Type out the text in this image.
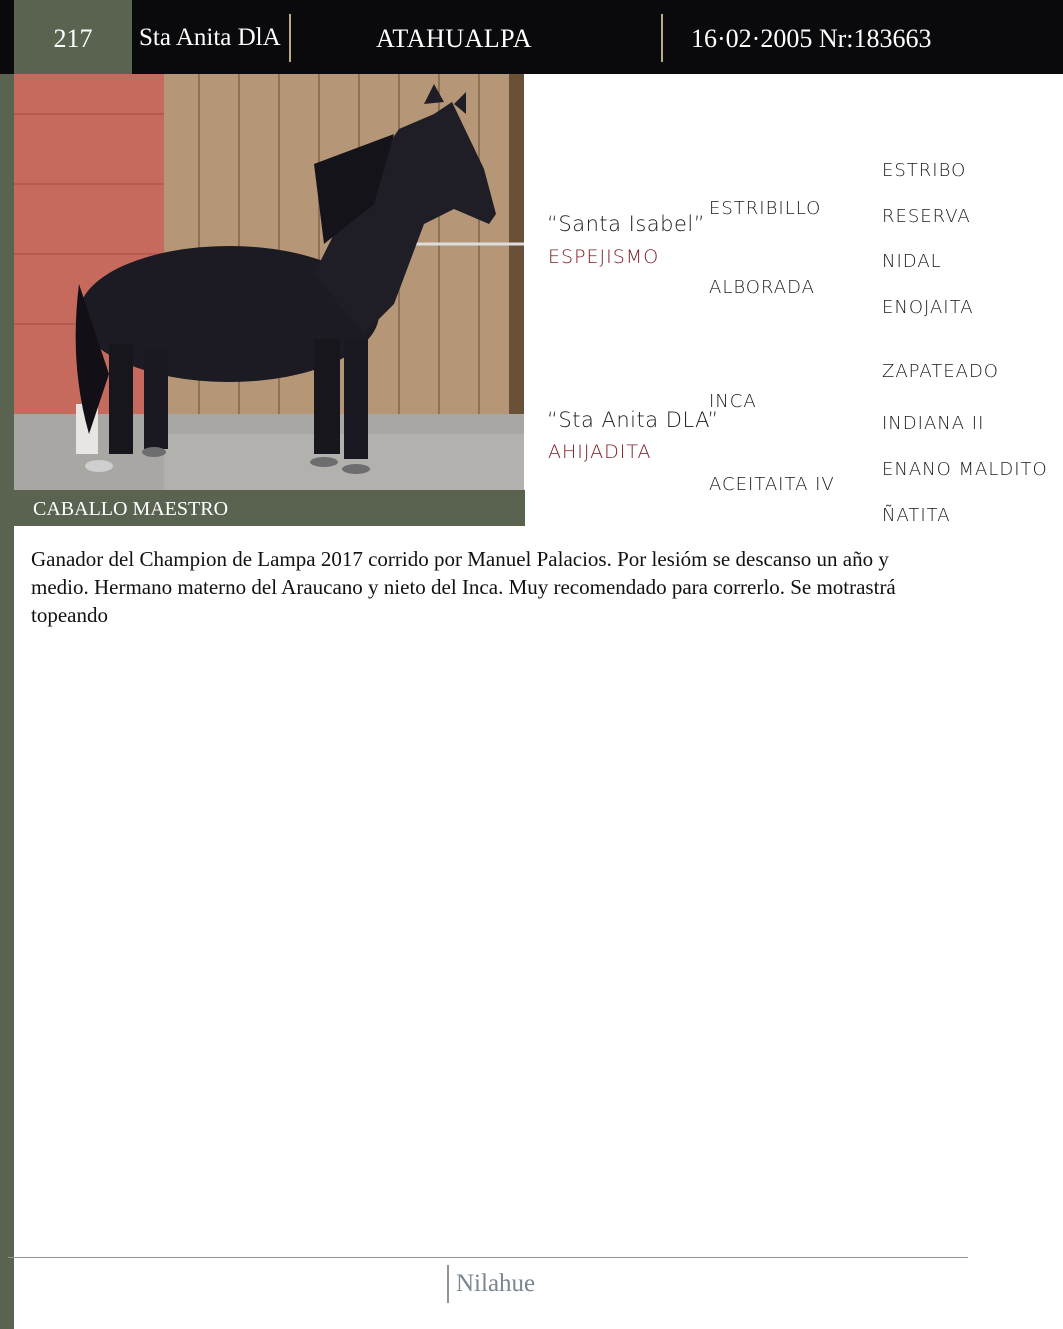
217	Sta Anita DlA	ATAHUALPA	16·02·2005 Nr:183663
CABALLO MAESTRO
“Santa Isabel”
ESPEJISMO
ESTRIBILLO
ALBORADA
ESTRIBO
RESERVA
NIDAL
ENOJAITA
“Sta Anita DLA”
AHIJADITA
INCA
ACEITAITA IV
ZAPATEADO
INDIANA II
ENANO MALDITO
ÑATITA
Ganador del Champion de Lampa 2017 corrido por Manuel Palacios. Por lesióm se descanso un año y medio. Hermano materno del Araucano y nieto del Inca. Muy recomendado para correrlo. Se motrastrá topeando
Nilahue
